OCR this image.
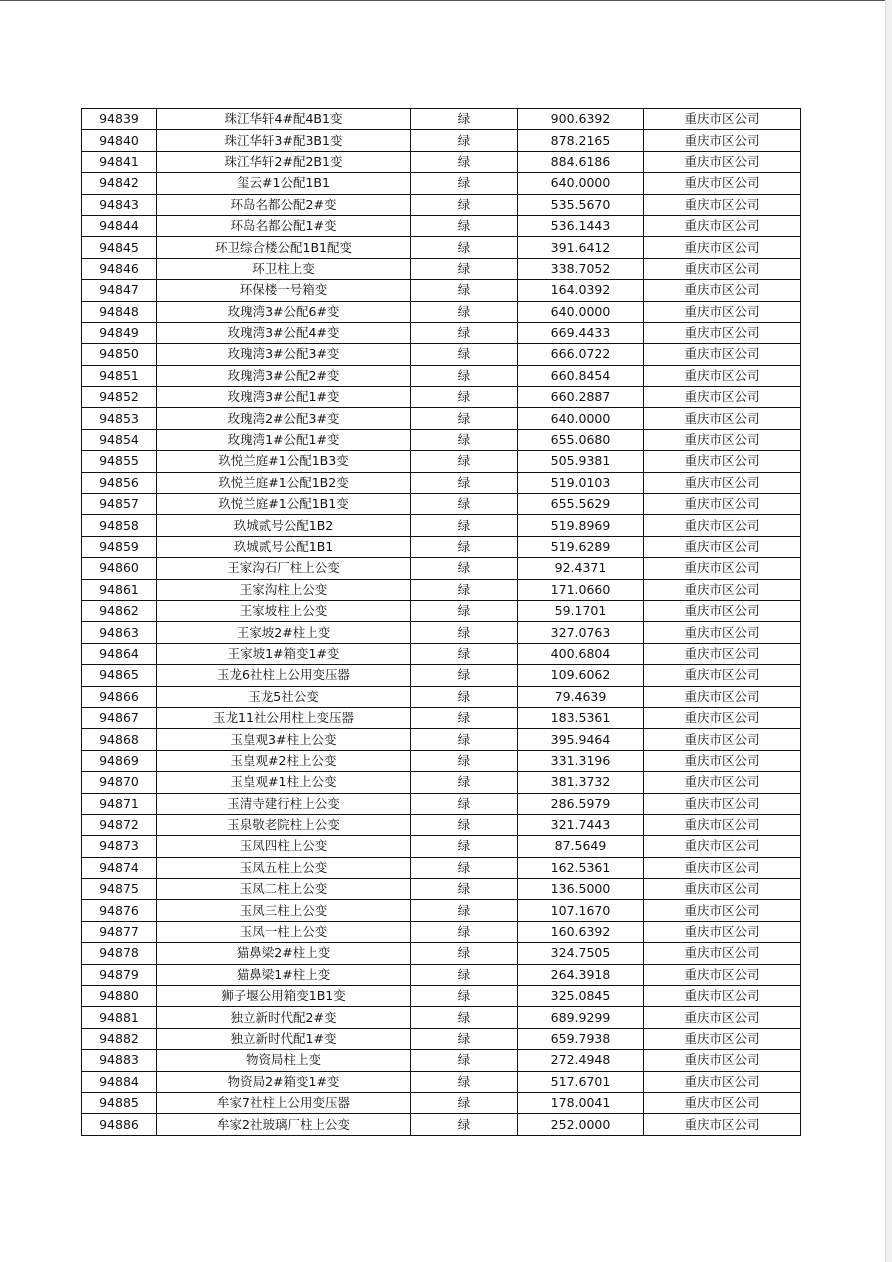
94839	珠江华轩4#配4B1变	绿	900.6392	重庆市区公司
94840	珠江华轩3#配3B1变	绿	878.2165	重庆市区公司
94841	珠江华轩2#配2B1变	绿	884.6186	重庆市区公司
94842	玺云#1公配1B1	绿	640.0000	重庆市区公司
94843	环岛名都公配2#变	绿	535.5670	重庆市区公司
94844	环岛名都公配1#变	绿	536.1443	重庆市区公司
94845	环卫综合楼公配1B1配变	绿	391.6412	重庆市区公司
94846	环卫柱上变	绿	338.7052	重庆市区公司
94847	环保楼一号箱变	绿	164.0392	重庆市区公司
94848	玫瑰湾3#公配6#变	绿	640.0000	重庆市区公司
94849	玫瑰湾3#公配4#变	绿	669.4433	重庆市区公司
94850	玫瑰湾3#公配3#变	绿	666.0722	重庆市区公司
94851	玫瑰湾3#公配2#变	绿	660.8454	重庆市区公司
94852	玫瑰湾3#公配1#变	绿	660.2887	重庆市区公司
94853	玫瑰湾2#公配3#变	绿	640.0000	重庆市区公司
94854	玫瑰湾1#公配1#变	绿	655.0680	重庆市区公司
94855	玖悦兰庭#1公配1B3变	绿	505.9381	重庆市区公司
94856	玖悦兰庭#1公配1B2变	绿	519.0103	重庆市区公司
94857	玖悦兰庭#1公配1B1变	绿	655.5629	重庆市区公司
94858	玖城贰号公配1B2	绿	519.8969	重庆市区公司
94859	玖城贰号公配1B1	绿	519.6289	重庆市区公司
94860	王家沟石厂柱上公变	绿	92.4371	重庆市区公司
94861	王家沟柱上公变	绿	171.0660	重庆市区公司
94862	王家坡柱上公变	绿	59.1701	重庆市区公司
94863	王家坡2#柱上变	绿	327.0763	重庆市区公司
94864	王家坡1#箱变1#变	绿	400.6804	重庆市区公司
94865	玉龙6社柱上公用变压器	绿	109.6062	重庆市区公司
94866	玉龙5社公变	绿	79.4639	重庆市区公司
94867	玉龙11社公用柱上变压器	绿	183.5361	重庆市区公司
94868	玉皇观3#柱上公变	绿	395.9464	重庆市区公司
94869	玉皇观#2柱上公变	绿	331.3196	重庆市区公司
94870	玉皇观#1柱上公变	绿	381.3732	重庆市区公司
94871	玉清寺建行柱上公变	绿	286.5979	重庆市区公司
94872	玉泉敬老院柱上公变	绿	321.7443	重庆市区公司
94873	玉凤四柱上公变	绿	87.5649	重庆市区公司
94874	玉凤五柱上公变	绿	162.5361	重庆市区公司
94875	玉凤二柱上公变	绿	136.5000	重庆市区公司
94876	玉凤三柱上公变	绿	107.1670	重庆市区公司
94877	玉凤一柱上公变	绿	160.6392	重庆市区公司
94878	猫鼻梁2#柱上变	绿	324.7505	重庆市区公司
94879	猫鼻梁1#柱上变	绿	264.3918	重庆市区公司
94880	狮子堰公用箱变1B1变	绿	325.0845	重庆市区公司
94881	独立新时代配2#变	绿	689.9299	重庆市区公司
94882	独立新时代配1#变	绿	659.7938	重庆市区公司
94883	物资局柱上变	绿	272.4948	重庆市区公司
94884	物资局2#箱变1#变	绿	517.6701	重庆市区公司
94885	牟家7社柱上公用变压器	绿	178.0041	重庆市区公司
94886	牟家2社玻璃厂柱上公变	绿	252.0000	重庆市区公司
